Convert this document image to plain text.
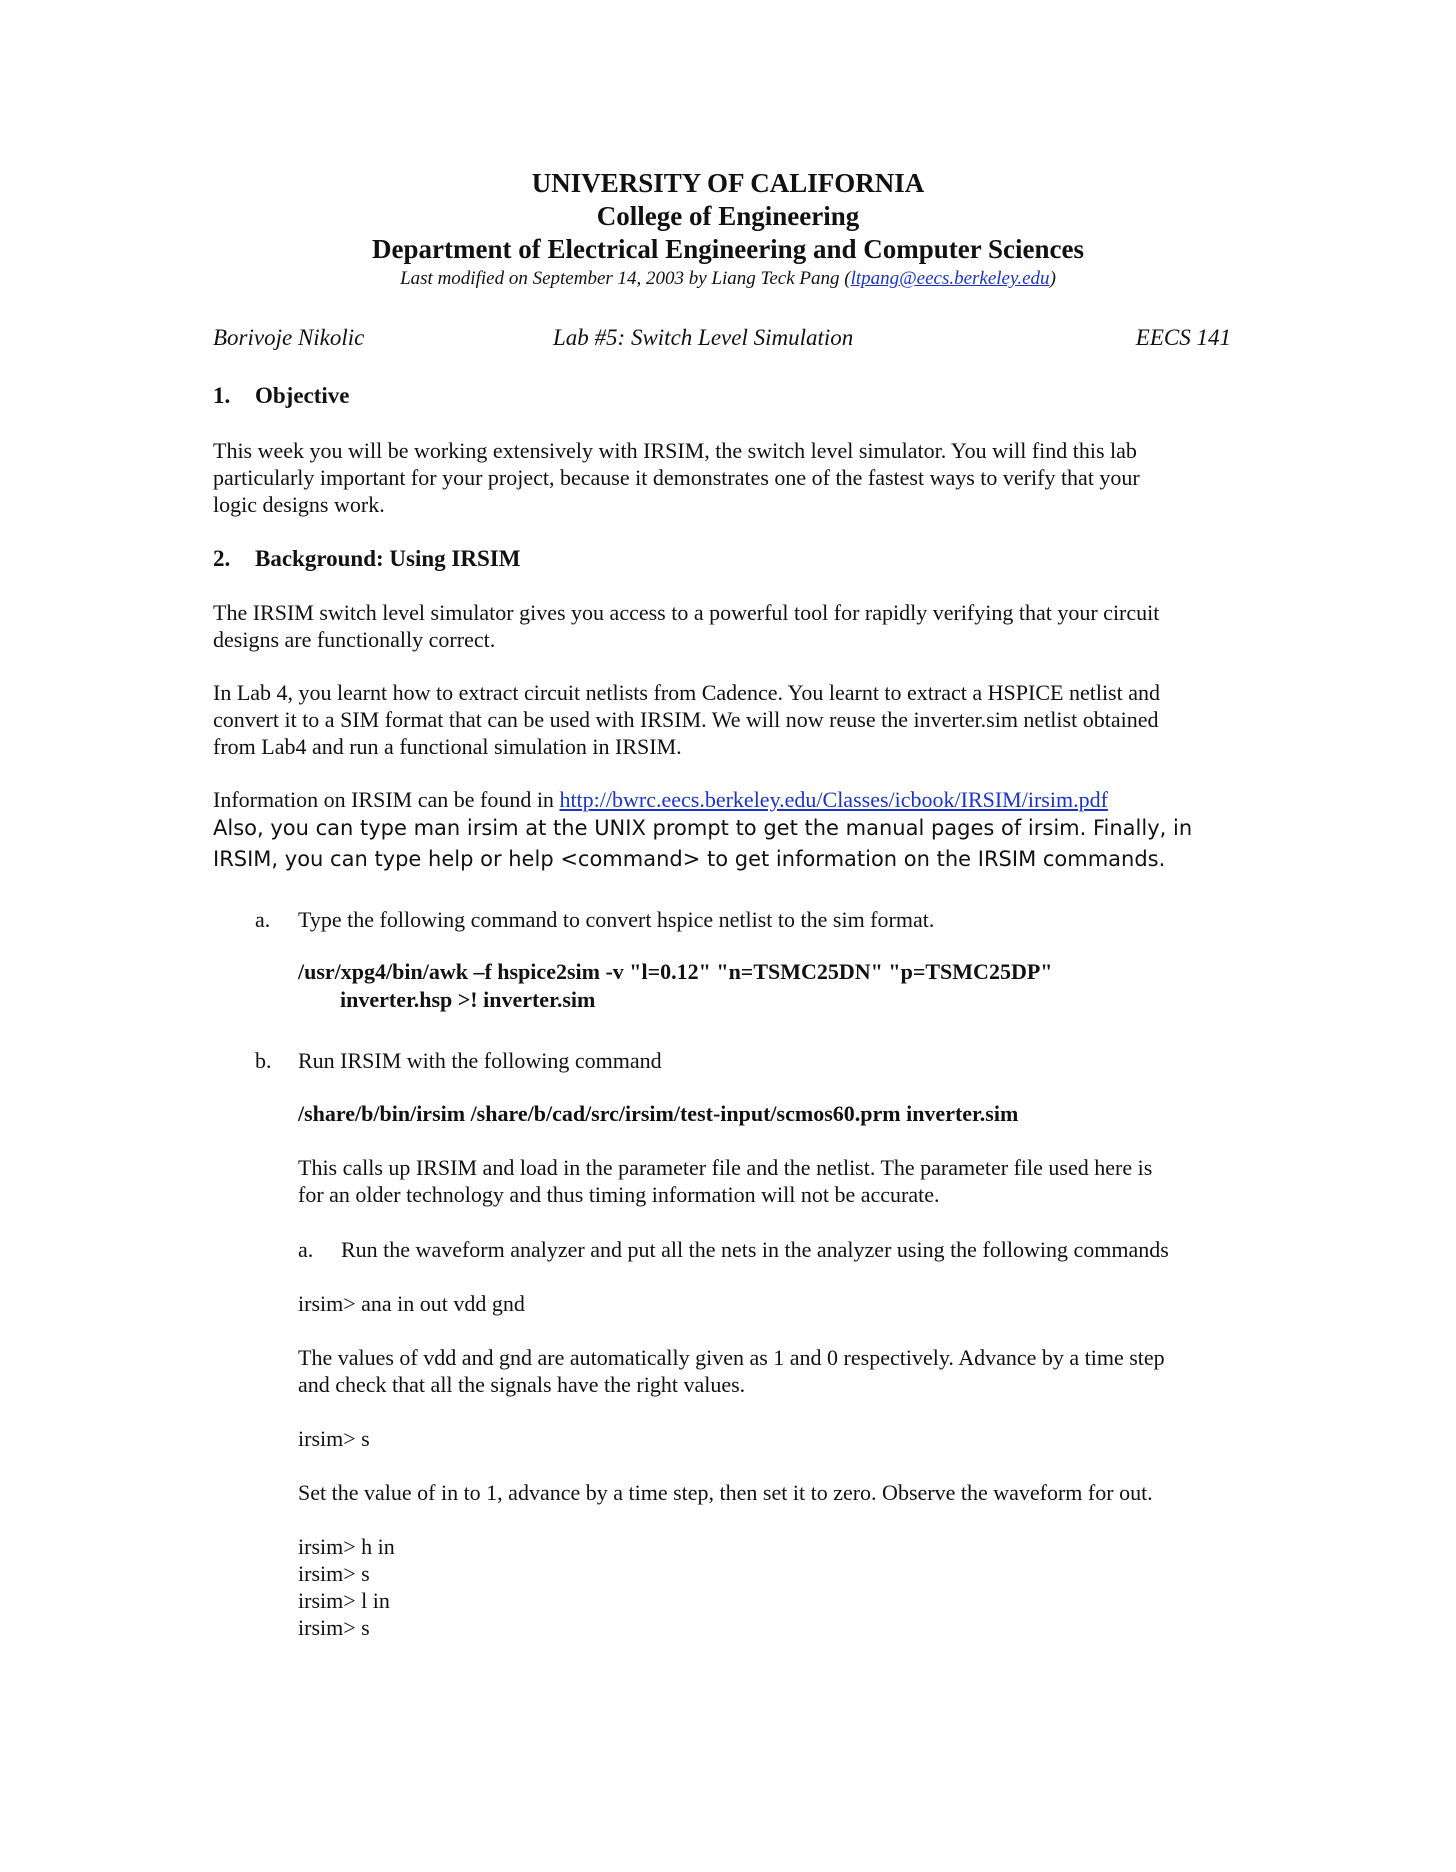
UNIVERSITY OF CALIFORNIA
College of Engineering
Department of Electrical Engineering and Computer Sciences
Last modified on September 14, 2003 by Liang Teck Pang (ltpang@eecs.berkeley.edu)
Borivoje Nikolic	Lab #5: Switch Level Simulation	EECS 141
1. Objective
This week you will be working extensively with IRSIM, the switch level simulator. You will find this lab
particularly important for your project, because it demonstrates one of the fastest ways to verify that your
logic designs work.
2. Background: Using IRSIM
The IRSIM switch level simulator gives you access to a powerful tool for rapidly verifying that your circuit
designs are functionally correct.
In Lab 4, you learnt how to extract circuit netlists from Cadence. You learnt to extract a HSPICE netlist and
convert it to a SIM format that can be used with IRSIM. We will now reuse the inverter.sim netlist obtained
from Lab4 and run a functional simulation in IRSIM.
Information on IRSIM can be found in http://bwrc.eecs.berkeley.edu/Classes/icbook/IRSIM/irsim.pdf
Also, you can type man irsim at the UNIX prompt to get the manual pages of irsim. Finally, in
IRSIM, you can type help or help <command> to get information on the IRSIM commands.
a. Type the following command to convert hspice netlist to the sim format.
/usr/xpg4/bin/awk –f hspice2sim -v "l=0.12" "n=TSMC25DN" "p=TSMC25DP"
inverter.hsp >! inverter.sim
b. Run IRSIM with the following command
/share/b/bin/irsim /share/b/cad/src/irsim/test-input/scmos60.prm inverter.sim
This calls up IRSIM and load in the parameter file and the netlist. The parameter file used here is
for an older technology and thus timing information will not be accurate.
a. Run the waveform analyzer and put all the nets in the analyzer using the following commands
irsim> ana in out vdd gnd
The values of vdd and gnd are automatically given as 1 and 0 respectively. Advance by a time step
and check that all the signals have the right values.
irsim> s
Set the value of in to 1, advance by a time step, then set it to zero. Observe the waveform for out.
irsim> h in
irsim> s
irsim> l in
irsim> s
